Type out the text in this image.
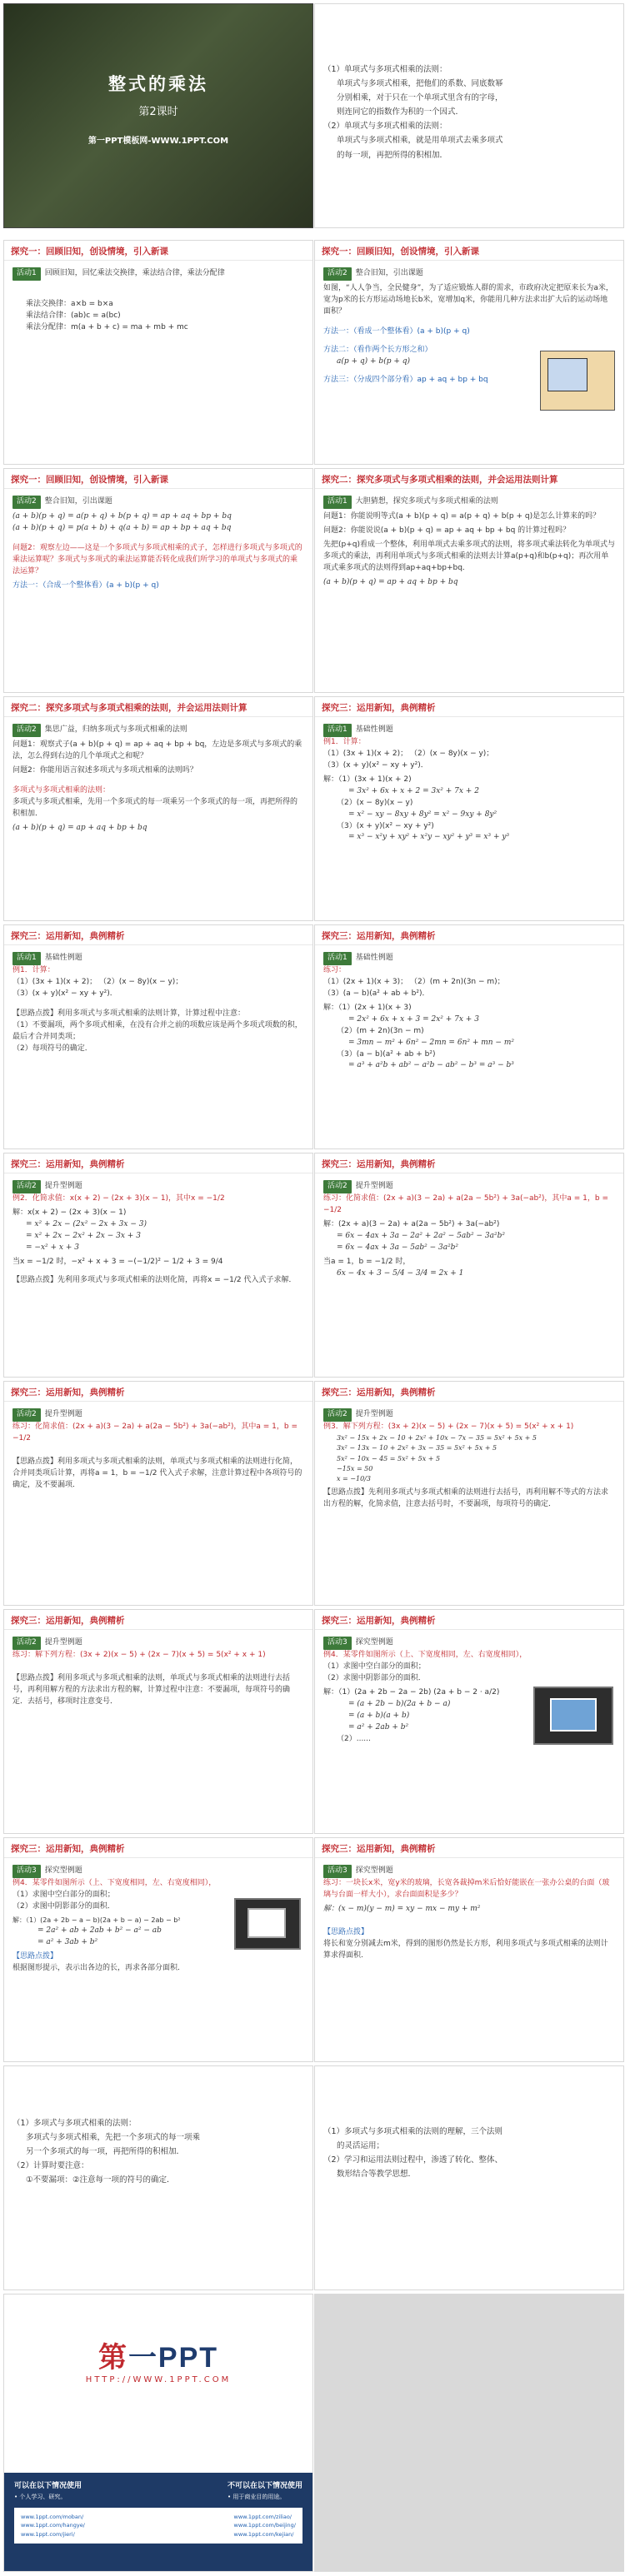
整式的乘法
第2课时
第一PPT模板网-WWW.1PPT.COM
（1）单项式与多项式相乘的法则：
单项式与多项式相乘，把他们的系数、同底数幂
分别相乘，对于只在一个单项式里含有的字母，
则连同它的指数作为积的一个因式．
（2）单项式与多项式相乘的法则：
单项式与多项式相乘，就是用单项式去乘多项式
的每一项，再把所得的积相加．
探究一：回顾旧知，创设情境，引入新课
活动1 回顾旧知，回忆乘法交换律，乘法结合律，乘法分配律
乘法交换律：a×b = b×a
乘法结合律：(ab)c = a(bc)
乘法分配律：m(a + b + c) = ma + mb + mc
探究一：回顾旧知，创设情境，引入新课
活动2 整合旧知，引出课题
如图，“人人争当，全民健身”，为了适应锻炼人群的需求，市政府决定把原来长为a米，宽为p米的长方形运动场地长b米，宽增加q米，你能用几种方法求出扩大后的运动场地面积？
方法一：（看成一个整体看）(a + b)(p + q)
方法二：（看作两个长方形之和）
a(p + q) + b(p + q)
方法三：（分成四个部分看）ap + aq + bp + bq
探究一：回顾旧知，创设情境，引入新课
活动2 整合旧知，引出课题
(a + b)(p + q) = a(p + q) + b(p + q) = ap + aq + bp + bq
(a + b)(p + q) = p(a + b) + q(a + b) = ap + bp + aq + bq
问题2：观察左边——这是一个多项式与多项式相乘的式子，怎样进行多项式与多项式的乘法运算呢？多项式与多项式的乘法运算能否转化成我们所学习的单项式与多项式的乘法运算？
方法一：（合成一个整体看）(a + b)(p + q)
探究二：探究多项式与多项式相乘的法则，并会运用法则计算
活动1 大胆猜想，探究多项式与多项式相乘的法则
问题1：你能说明等式(a + b)(p + q) = a(p + q) + b(p + q)是怎么计算来的吗？
问题2：你能说说(a + b)(p + q) = ap + aq + bp + bq 的计算过程吗？
先把(p+q)看成一个整体，利用单项式去乘多项式的法则，将多项式乘法转化为单项式与多项式的乘法，再利用单项式与多项式相乘的法则去计算a(p+q)和b(p+q)；再次用单项式乘多项式的法则得到ap+aq+bp+bq．
(a + b)(p + q) = ap + aq + bp + bq
探究二：探究多项式与多项式相乘的法则，并会运用法则计算
活动2 集思广益，归纳多项式与多项式相乘的法则
问题1：观察式子(a + b)(p + q) = ap + aq + bp + bq，左边是多项式与多项式的乘法，怎么得到右边的几个单项式之和呢？
问题2：你能用语言叙述多项式与多项式相乘的法则吗？
多项式与多项式相乘的法则：
多项式与多项式相乘，先用一个多项式的每一项乘另一个多项式的每一项，再把所得的积相加．
(a + b)(p + q) = ap + aq + bp + bq
探究三：运用新知，典例精析
活动1 基础性例题
例1．计算：
（1）(3x + 1)(x + 2)； （2）(x − 8y)(x − y)；
（3）(x + y)(x² − xy + y²)．
解：（1）(3x + 1)(x + 2)
= 3x² + 6x + x + 2 = 3x² + 7x + 2
（2）(x − 8y)(x − y)
= x² − xy − 8xy + 8y² = x² − 9xy + 8y²
（3）(x + y)(x² − xy + y²)
= x³ − x²y + xy² + x²y − xy² + y³ = x³ + y³
探究三：运用新知，典例精析
活动1 基础性例题
例1．计算：
（1）(3x + 1)(x + 2)； （2）(x − 8y)(x − y)；
（3）(x + y)(x² − xy + y²)．
【思路点拨】利用多项式与多项式相乘的法则计算，计算过程中注意：
（1）不要漏项，两个多项式相乘，在没有合并之前的项数应该是两个多项式项数的积，最后才合并同类项；
（2）每项符号的确定．
探究三：运用新知，典例精析
活动1 基础性例题
练习：
（1）(2x + 1)(x + 3)； （2）(m + 2n)(3n − m)；
（3）(a − b)(a² + ab + b²)．
解：（1）(2x + 1)(x + 3)
= 2x² + 6x + x + 3 = 2x² + 7x + 3
（2）(m + 2n)(3n − m)
= 3mn − m² + 6n² − 2mn = 6n² + mn − m²
（3）(a − b)(a² + ab + b²)
= a³ + a²b + ab² − a²b − ab² − b³ = a³ − b³
探究三：运用新知，典例精析
活动2 提升型例题
例2．化简求值：x(x + 2) − (2x + 3)(x − 1)，其中x = −1/2
解：x(x + 2) − (2x + 3)(x − 1)
= x² + 2x − (2x² − 2x + 3x − 3)
= x² + 2x − 2x² + 2x − 3x + 3
= −x² + x + 3
当x = −1/2 时，−x² + x + 3 = −(−1/2)² − 1/2 + 3 = 9/4
【思路点拨】先利用多项式与多项式相乘的法则化简，再将x = −1/2 代入式子求解．
探究三：运用新知，典例精析
活动2 提升型例题
练习：化简求值：(2x + a)(3 − 2a) + a(2a − 5b²) + 3a(−ab²)，其中a = 1，b = −1/2
解：(2x + a)(3 − 2a) + a(2a − 5b²) + 3a(−ab²)
= 6x − 4ax + 3a − 2a² + 2a² − 5ab² − 3a²b²
= 6x − 4ax + 3a − 5ab² − 3a²b²
当a = 1，b = −1/2 时，
6x − 4x + 3 − 5/4 − 3/4 = 2x + 1
探究三：运用新知，典例精析
活动2 提升型例题
练习：化简求值：(2x + a)(3 − 2a) + a(2a − 5b²) + 3a(−ab²)，其中a = 1，b = −1/2
【思路点拨】利用多项式与多项式相乘的法则，单项式与多项式相乘的法则进行化简，合并同类项后计算，再将a = 1，b = −1/2 代入式子求解，注意计算过程中各项符号的确定，及不要漏项．
探究三：运用新知，典例精析
活动2 提升型例题
例3．解下列方程：(3x + 2)(x − 5) + (2x − 7)(x + 5) = 5(x² + x + 1)
3x² − 15x + 2x − 10 + 2x² + 10x − 7x − 35 = 5x² + 5x + 5
3x² − 13x − 10 + 2x² + 3x − 35 = 5x² + 5x + 5
5x² − 10x − 45 = 5x² + 5x + 5
−15x = 50
x = −10/3
【思路点拨】先利用多项式与多项式相乘的法则进行去括号，再利用解不等式的方法求出方程的解，化简求值，注意去括号时，不要漏项，每项符号的确定．
探究三：运用新知，典例精析
活动2 提升型例题
练习：解下列方程：(3x + 2)(x − 5) + (2x − 7)(x + 5) = 5(x² + x + 1)
【思路点拨】利用多项式与多项式相乘的法则，单项式与多项式相乘的法则进行去括号，再利用解方程的方法求出方程的解，计算过程中注意：不要漏项，每项符号的确定．去括号，移项时注意变号．
探究三：运用新知，典例精析
活动3 探究型例题
例4．某零件如图所示（上、下宽度相同，左、右宽度相同），
（1）求图中空白部分的面积；
（2）求图中阴影部分的面积．
解：（1）(2a + 2b − 2a − 2b) (2a + b − 2 · a/2)
= (a + 2b − b)(2a + b − a)
= (a + b)(a + b)
= a² + 2ab + b²
（2）......
探究三：运用新知，典例精析
活动3 探究型例题
例4．某零件如图所示（上、下宽度相同，左、右宽度相同），
（1）求图中空白部分的面积；
（2）求图中阴影部分的面积．
解：（1）(2a + 2b − a − b)(2a + b − a) − 2ab − b²
= 2a² + ab + 2ab + b² − a² − ab
= a² + 3ab + b²
【思路点拨】
根据图形提示，表示出各边的长，再求各部分面积．
探究三：运用新知，典例精析
活动3 探究型例题
练习：一块长x米，宽y米的玻璃，长宽各裁掉m米后恰好能嵌在一张办公桌的台面（玻璃与台面一样大小），求台面面积是多少？
解：(x − m)(y − m) = xy − mx − my + m²
【思路点拨】
将长和宽分别减去m米，得到的图形仍然是长方形，利用多项式与多项式相乘的法则计算求得面积.
（1）多项式与多项式相乘的法则：
多项式与多项式相乘，先把一个多项式的每一项乘
另一个多项式的每一项，再把所得的积相加．
（2）计算时要注意：
①不要漏项：②注意每一项的符号的确定．
（1）多项式与多项式相乘的法则的理解，三个法则
的灵活运用；
（2）学习和运用法则过程中，渗透了转化、整体、
数形结合等教学思想．
第一PPT
HTTP://WWW.1PPT.COM
可以在以下情况使用
• 个人学习、研究。
不可以在以下情况使用
• 用于商业目的用途。
www.1ppt.com/moban/
www.1ppt.com/hangye/
www.1ppt.com/jieri/
www.1ppt.com/ziliao/
www.1ppt.com/beijing/
www.1ppt.com/kejian/
